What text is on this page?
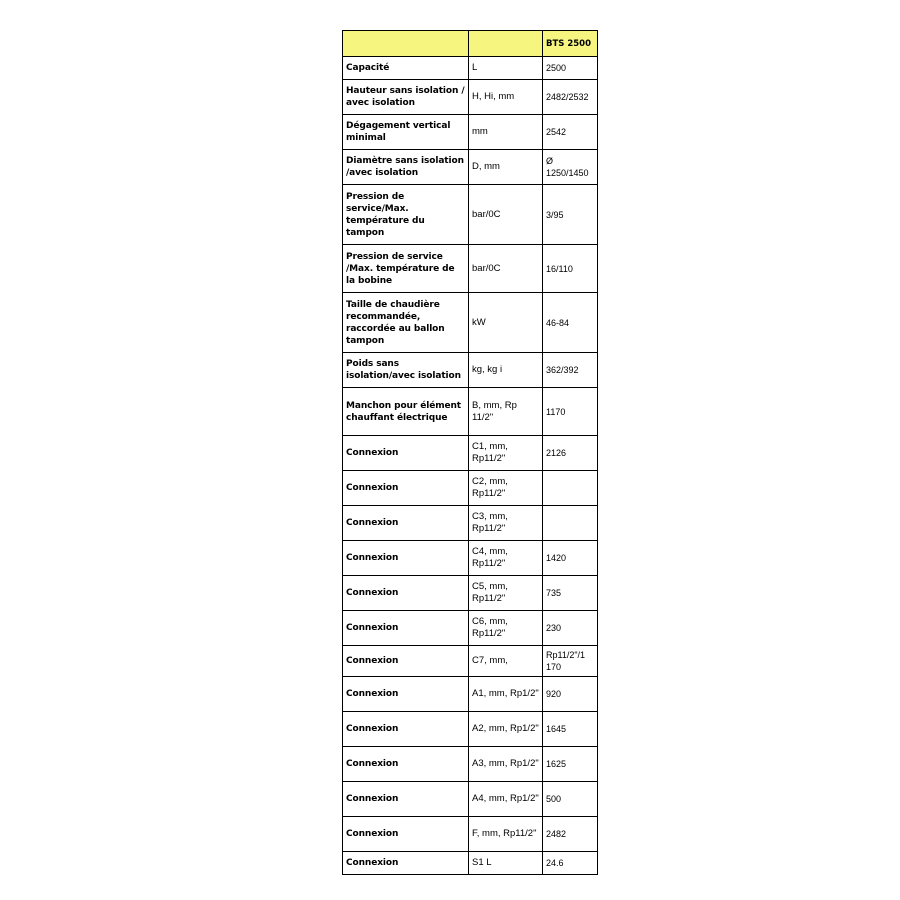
		BTS 2500
Capacité	L	2500
Hauteur sans isolation / avec isolation	H, Hi, mm	2482/2532
Dégagement vertical minimal	mm	2542
Diamètre sans isolation /avec isolation	D, mm	Ø 1250/1450
Pression de service/Max. température du tampon	bar/0C	3/95
Pression de service /Max. température de la bobine	bar/0C	16/110
Taille de chaudière recommandée, raccordée au ballon tampon	kW	46-84
Poids sans isolation/avec isolation	kg, kg i	362/392
Manchon pour élément chauffant électrique	B, mm, Rp 11/2"	1170
Connexion	C1, mm, Rp11/2"	2126
Connexion	C2, mm, Rp11/2"	
Connexion	C3, mm, Rp11/2"	
Connexion	C4, mm, Rp11/2"	1420
Connexion	C5, mm, Rp11/2"	735
Connexion	C6, mm, Rp11/2"	230
Connexion	C7, mm,	Rp11/2"/1 170
Connexion	A1, mm, Rp1/2"	920
Connexion	A2, mm, Rp1/2"	1645
Connexion	A3, mm, Rp1/2"	1625
Connexion	A4, mm, Rp1/2"	500
Connexion	F, mm, Rp11/2"	2482
Connexion	S1 L	24.6
